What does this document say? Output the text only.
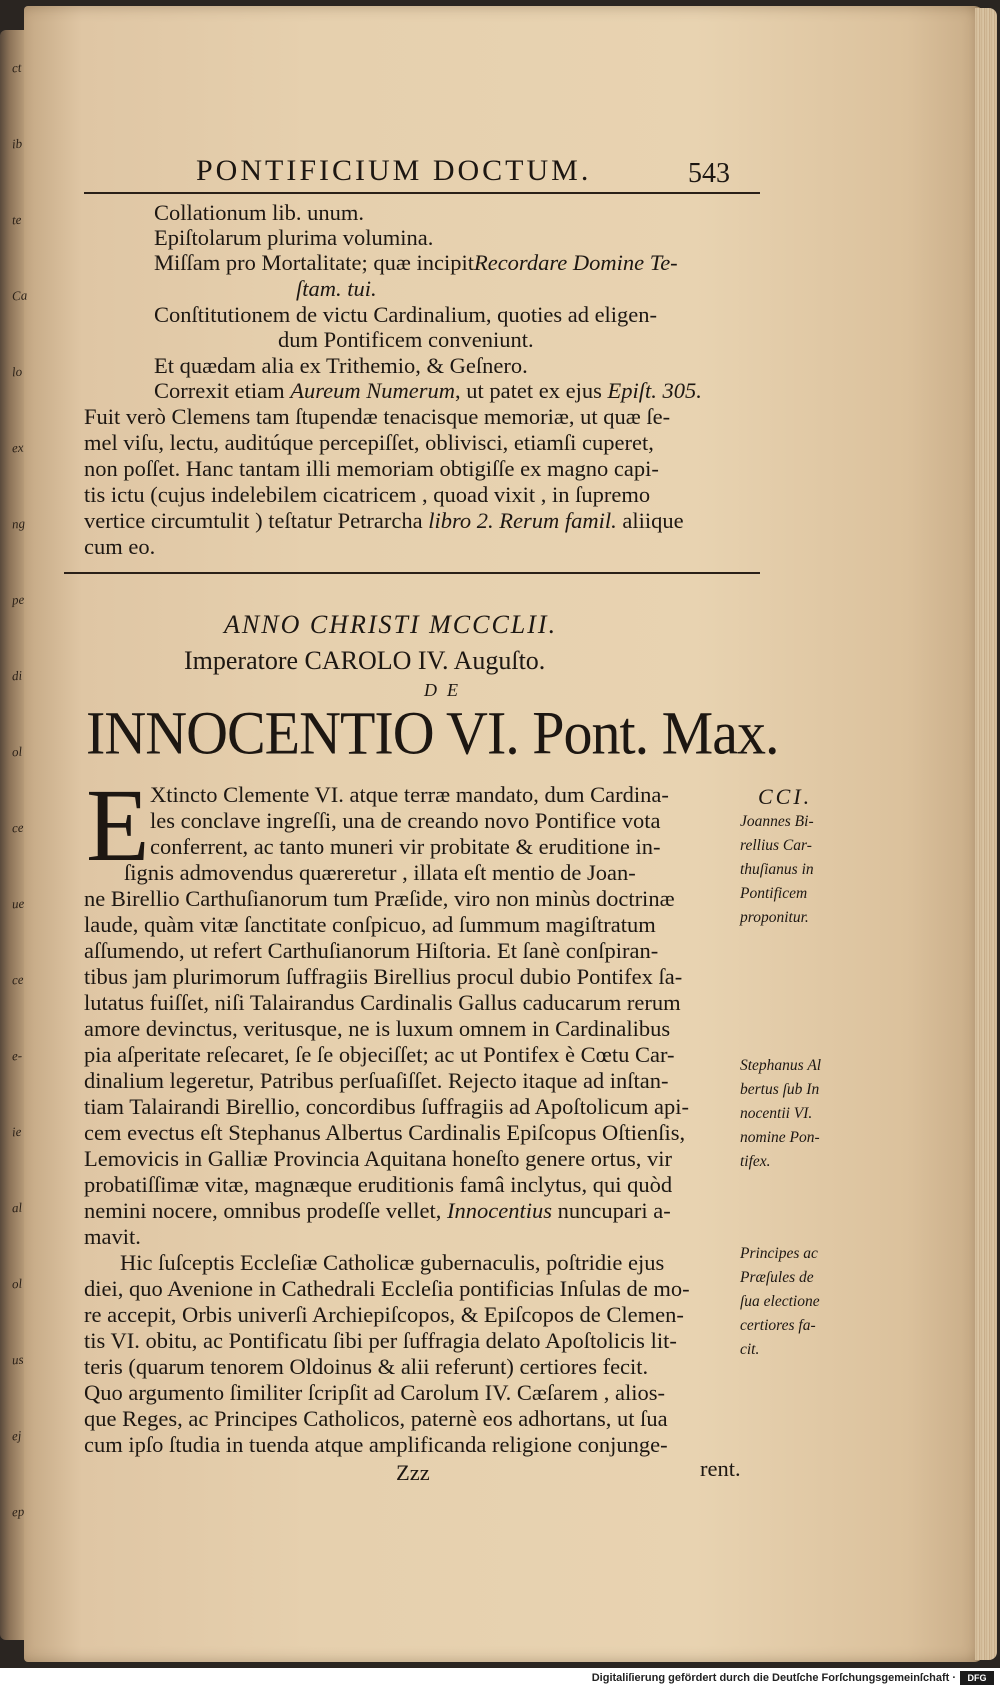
PONTIFICIUM DOCTUM.	543
Collationum lib. unum.
Epiſtolarum plurima volumina.
Miſſam pro Mortalitate; quæ incipitRecordare Domine Te-
ſtam. tui.
Conſtitutionem de victu Cardinalium, quoties ad eligen-
dum Pontificem conveniunt.
Et quædam alia ex Trithemio, & Geſnero.
Correxit etiam Aureum Numerum, ut patet ex ejus Epiſt. 305.
Fuit verò Clemens tam ſtupendæ tenacisque memoriæ, ut quæ ſe-
mel viſu, lectu, auditúque percepiſſet, oblivisci, etiamſi cuperet,
non poſſet. Hanc tantam illi memoriam obtigiſſe ex magno capi-
tis ictu (cujus indelebilem cicatricem , quoad vixit , in ſupremo
vertice circumtulit ) teſtatur Petrarcha libro 2. Rerum famil. aliique
cum eo.
ANNO CHRISTI MCCCLII.
Imperatore CAROLO IV. Auguſto.
DE
INNOCENTIO VI. Pont. Max.
E Xtincto Clemente VI. atque terræ mandato, dum Cardina-
les conclave ingreſſi, una de creando novo Pontifice vota
conferrent, ac tanto muneri vir probitate & eruditione in-
ſignis admovendus quæreretur , illata eſt mentio de Joan-
ne Birellio Carthuſianorum tum Præſide, viro non minùs doctrinæ
laude, quàm vitæ ſanctitate conſpicuo, ad ſummum magiſtratum
aſſumendo, ut refert Carthuſianorum Hiſtoria. Et ſanè conſpiran-
tibus jam plurimorum ſuffragiis Birellius procul dubio Pontifex ſa-
lutatus fuiſſet, niſi Talairandus Cardinalis Gallus caducarum rerum
amore devinctus, veritusque, ne is luxum omnem in Cardinalibus
pia aſperitate reſecaret, ſe ſe objeciſſet; ac ut Pontifex è Cœtu Car-
dinalium legeretur, Patribus perſuaſiſſet. Rejecto itaque ad inſtan-
tiam Talairandi Birellio, concordibus ſuffragiis ad Apoſtolicum api-
cem evectus eſt Stephanus Albertus Cardinalis Epiſcopus Oſtienſis,
Lemovicis in Galliæ Provincia Aquitana honeſto genere ortus, vir
probatiſſimæ vitæ, magnæque eruditionis famâ inclytus, qui quòd
nemini nocere, omnibus prodeſſe vellet, Innocentius nuncupari a-
mavit.
Hic ſuſceptis Eccleſiæ Catholicæ gubernaculis, poſtridie ejus
diei, quo Avenione in Cathedrali Eccleſia pontificias Inſulas de mo-
re accepit, Orbis univerſi Archiepiſcopos, & Epiſcopos de Clemen-
tis VI. obitu, ac Pontificatu ſibi per ſuffragia delato Apoſtolicis lit-
teris (quarum tenorem Oldoinus & alii referunt) certiores fecit.
Quo argumento ſimiliter ſcripſit ad Carolum IV. Cæſarem , alios-
que Reges, ac Principes Catholicos, paternè eos adhortans, ut ſua
cum ipſo ſtudia in tuenda atque amplificanda religione conjunge-
Zzz	rent.
CCI.
Joannes Bi-
rellius Car-
thuſianus in
Pontificem
proponitur.
Stephanus Al
bertus ſub In
nocentii VI.
nomine Pon-
tifex.
Principes ac
Præſules de
ſua electione
certiores fa-
cit.
ct
ib
te
Ca
lo
ex
ng
pe
di
ol
ce
ue
ce
e-
ie
al
ol
us
ej
ep
Digitaliſierung gefördert durch die Deutſche Forſchungsgemeinſchaft ·	DFG
